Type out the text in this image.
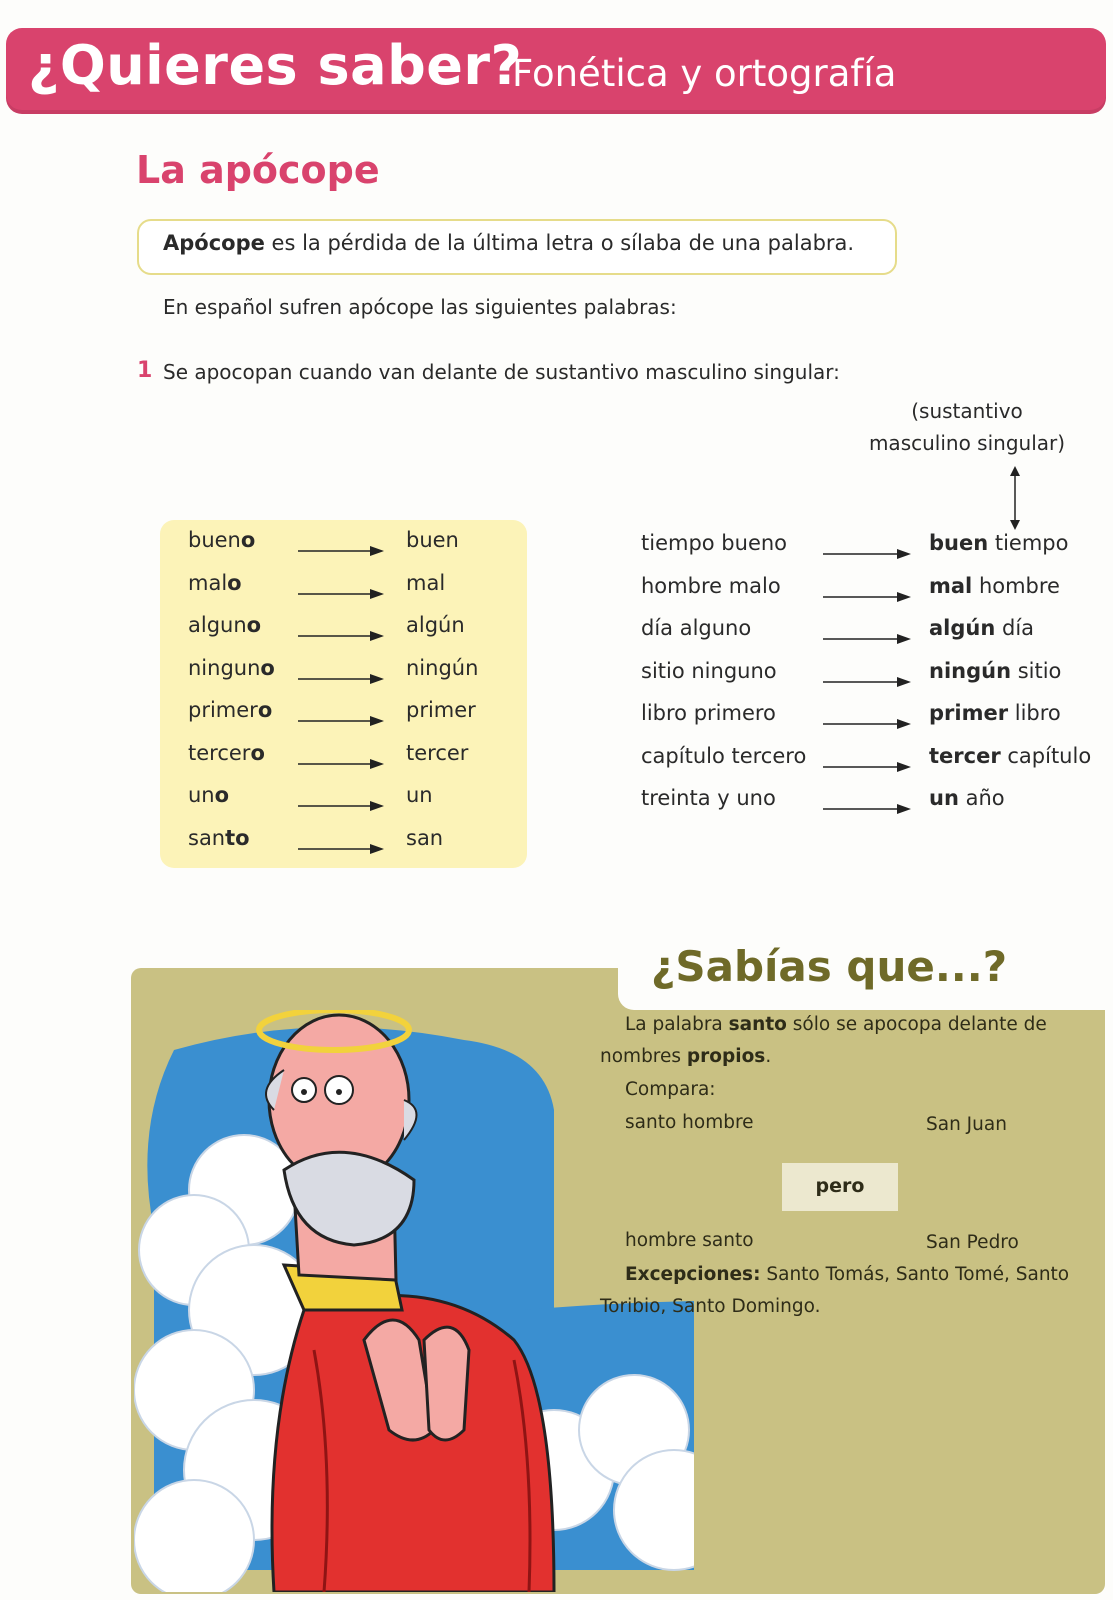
¿Quieres saber?
Fonética y ortografía
La apócope
Apócope es la pérdida de la última letra o sílaba de una palabra.
En español sufren apócope las siguientes palabras:
1 Se apocopan cuando van delante de sustantivo masculino singular:
(sustantivo
masculino singular)
bueno	buen
malo	mal
alguno	algún
ninguno	ningún
primero	primer
tercero	tercer
uno	un
santo	san
tiempo bueno	buen tiempo
hombre malo	mal hombre
día alguno	algún día
sitio ninguno	ningún sitio
libro primero	primer libro
capítulo tercero	tercer capítulo
treinta y uno	un año
¿Sabías que...?
La palabra santo sólo se apocopa delante de
nombres propios.
Compara:
santo hombre	San Juan
pero
hombre santo	San Pedro
Excepciones: Santo Tomás, Santo Tomé, Santo
Toribio, Santo Domingo.
